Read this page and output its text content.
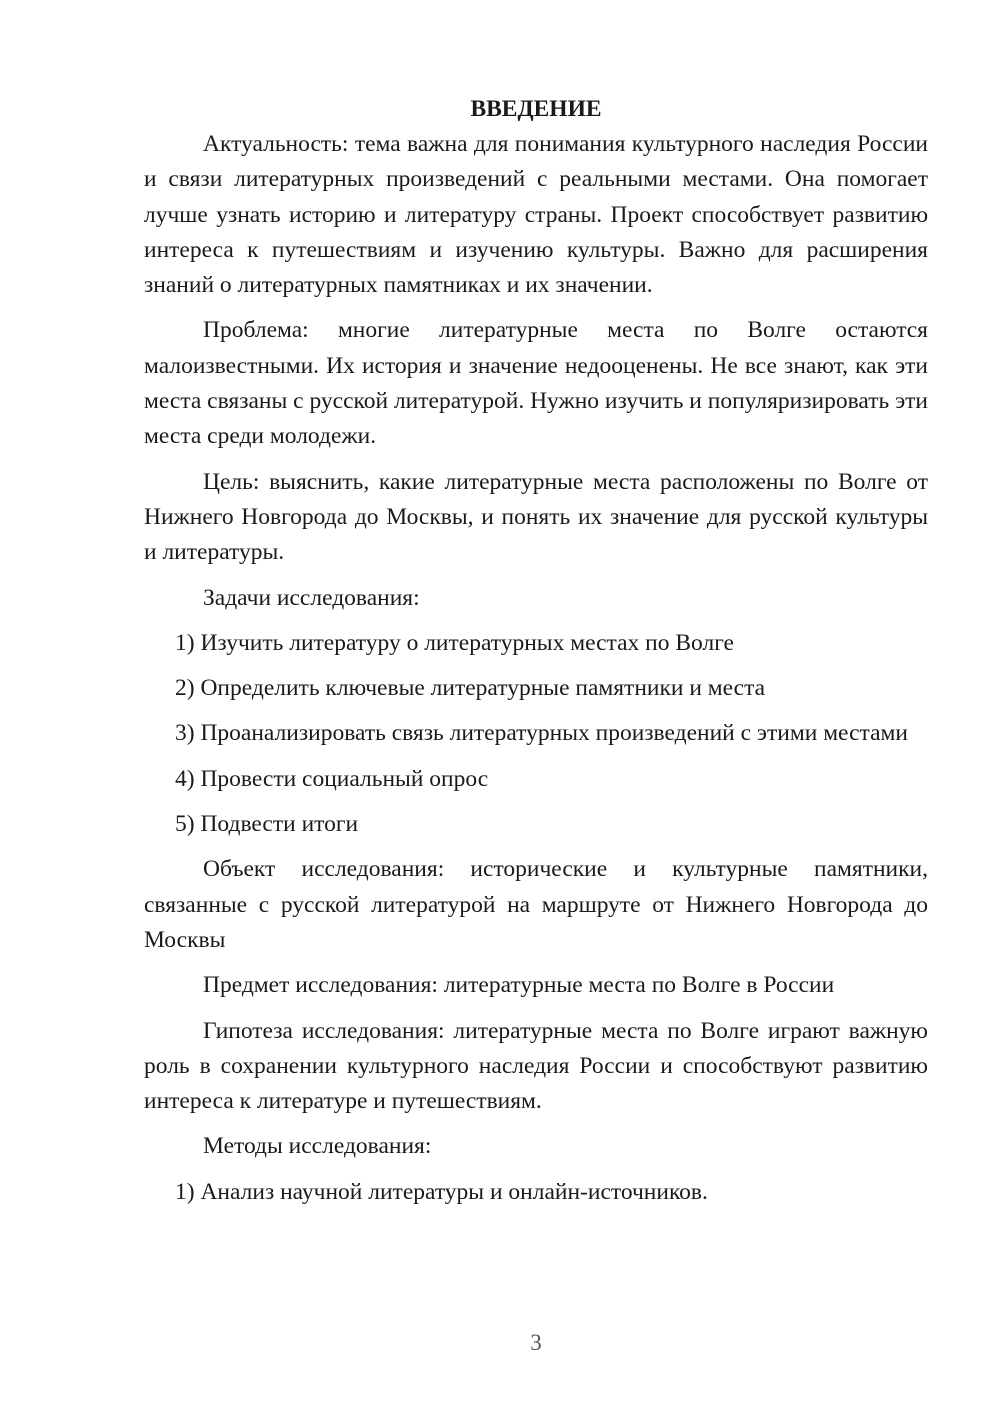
ВВЕДЕНИЕ

Актуальность: тема важна для понимания культурного наследия России и связи литературных произведений с реальными местами. Она помогает лучше узнать историю и литературу страны. Проект способствует развитию интереса к путешествиям и изучению культуры. Важно для расширения знаний о литературных памятниках и их значении.

Проблема: многие литературные места по Волге остаются малоизвестными. Их история и значение недооценены. Не все знают, как эти места связаны с русской литературой. Нужно изучить и популяризировать эти места среди молодежи.

Цель: выяснить, какие литературные места расположены по Волге от Нижнего Новгорода до Москвы, и понять их значение для русской культуры и литературы.

Задачи исследования:

1) Изучить литературу о литературных местах по Волге

2) Определить ключевые литературные памятники и места

3) Проанализировать связь литературных произведений с этими местами

4) Провести социальный опрос

5) Подвести итоги

Объект исследования: исторические и культурные памятники, связанные с русской литературой на маршруте от Нижнего Новгорода до Москвы

Предмет исследования: литературные места по Волге в России

Гипотеза исследования: литературные места по Волге играют важную роль в сохранении культурного наследия России и способствуют развитию интереса к литературе и путешествиям.

Методы исследования:

1) Анализ научной литературы и онлайн-источников.

3
